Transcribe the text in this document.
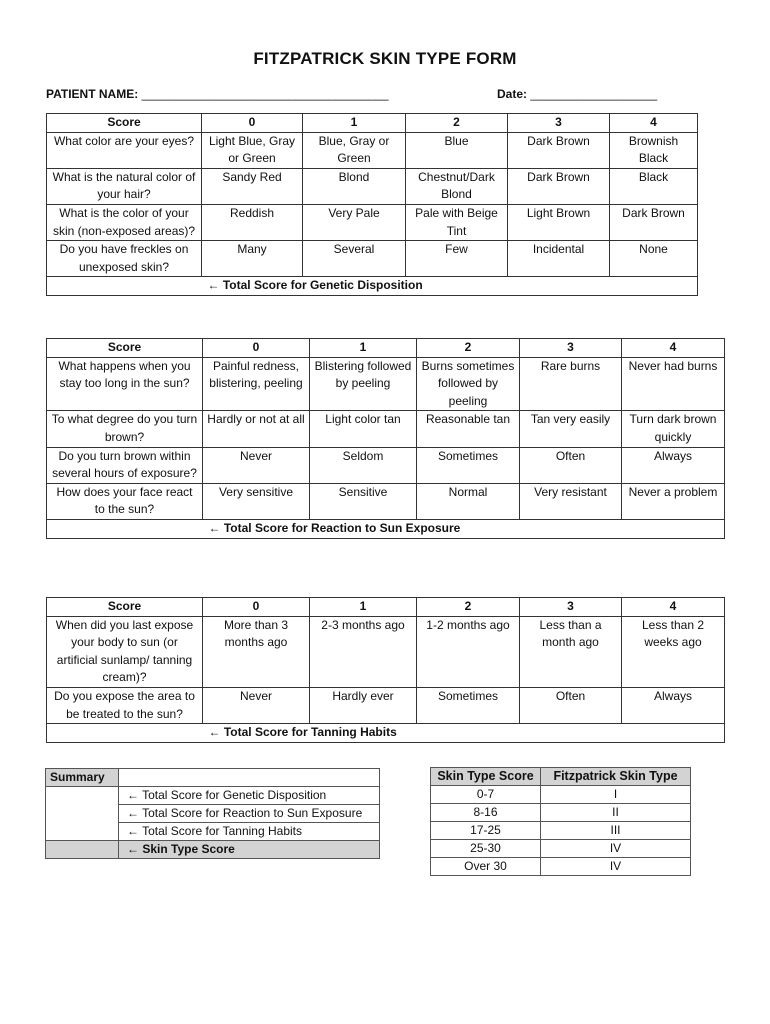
FITZPATRICK SKIN TYPE FORM
PATIENT NAME: _____________________________________	Date: ___________________
Score	0	1	2	3	4
What color are your eyes?	Light Blue, Gray or Green	Blue, Gray or Green	Blue	Dark Brown	Brownish Black
What is the natural color of your hair?	Sandy Red	Blond	Chestnut/Dark Blond	Dark Brown	Black
What is the color of your skin (non-exposed areas)?	Reddish	Very Pale	Pale with Beige Tint	Light Brown	Dark Brown
Do you have freckles on unexposed skin?	Many	Several	Few	Incidental	None
	← Total Score for Genetic Disposition				
Score	0	1	2	3	4
What happens when you stay too long in the sun?	Painful redness, blistering, peeling	Blistering followed by peeling	Burns sometimes followed by peeling	Rare burns	Never had burns
To what degree do you turn brown?	Hardly or not at all	Light color tan	Reasonable tan	Tan very easily	Turn dark brown quickly
Do you turn brown within several hours of exposure?	Never	Seldom	Sometimes	Often	Always
How does your face react to the sun?	Very sensitive	Sensitive	Normal	Very resistant	Never a problem
	← Total Score for Reaction to Sun Exposure				
Score	0	1	2	3	4
When did you last expose your body to sun (or artificial sunlamp/ tanning cream)?	More than 3 months ago	2-3 months ago	1-2 months ago	Less than a month ago	Less than 2 weeks ago
Do you expose the area to be treated to the sun?	Never	Hardly ever	Sometimes	Often	Always
	← Total Score for Tanning Habits				
Summary	
	← Total Score for Genetic Disposition
	← Total Score for Reaction to Sun Exposure
	← Total Score for Tanning Habits
	← Skin Type Score
Skin Type Score	Fitzpatrick Skin Type
0-7	I
8-16	II
17-25	III
25-30	IV
Over 30	IV
